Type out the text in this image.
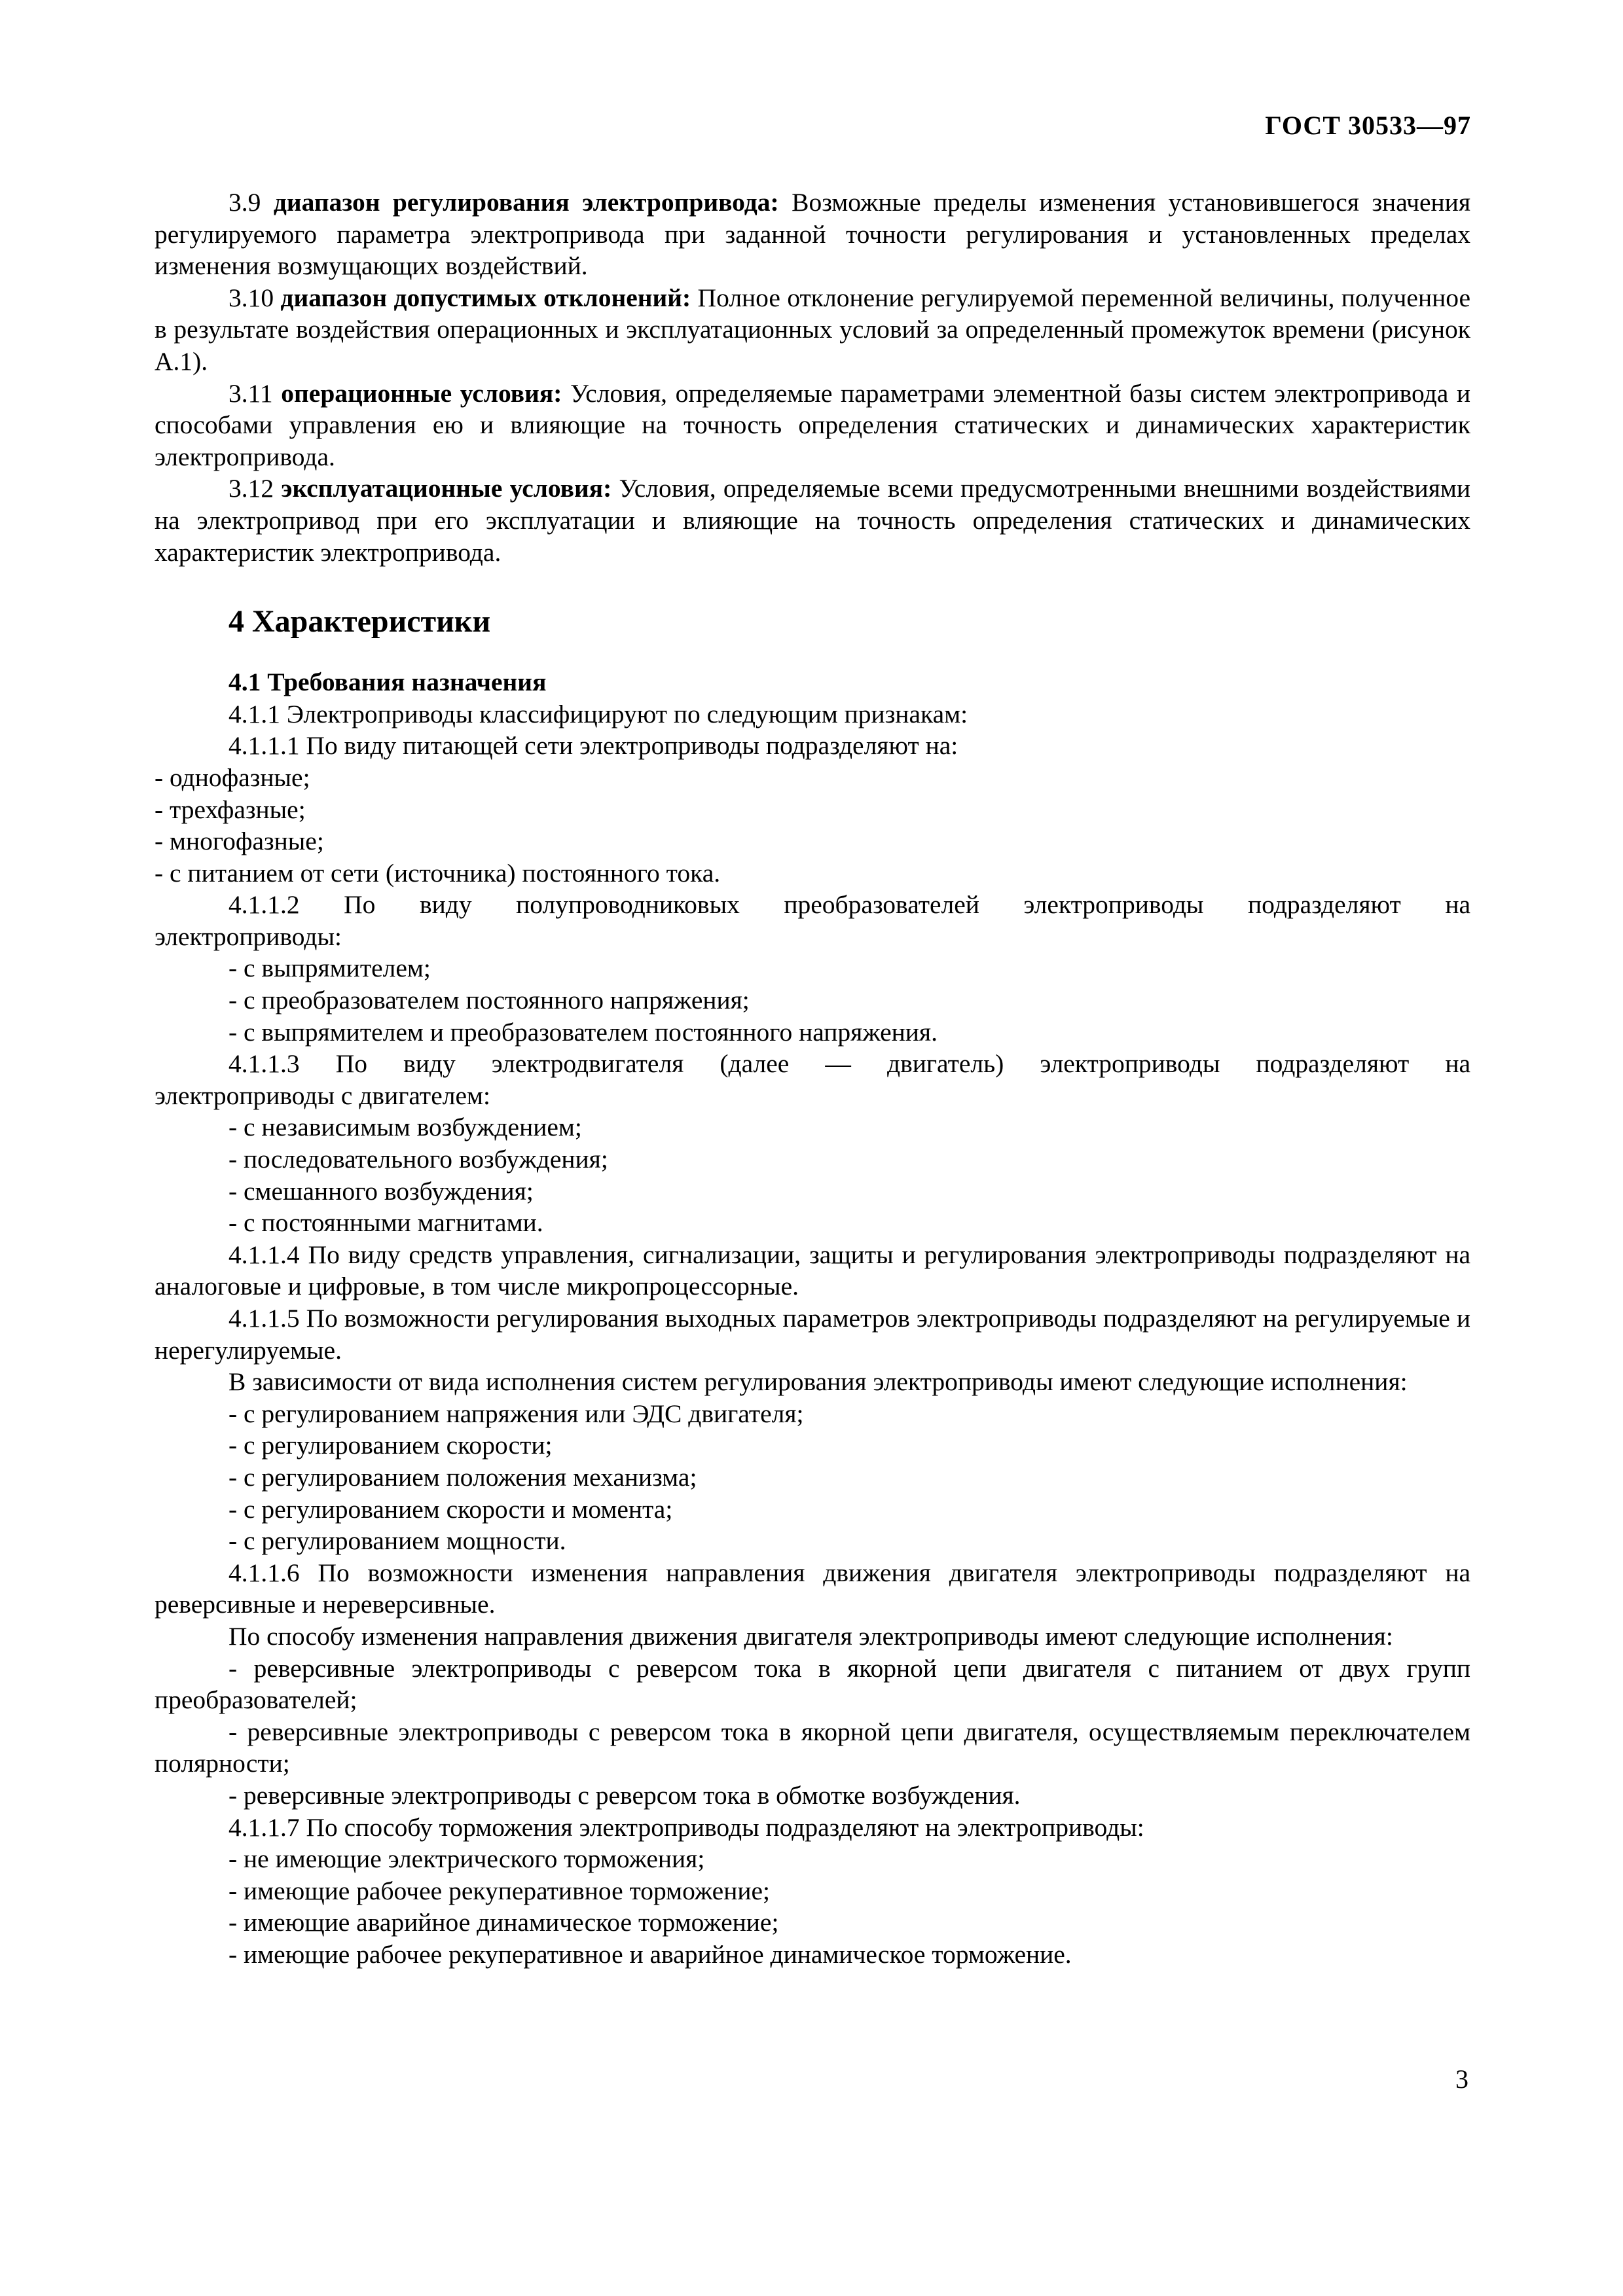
ГОСТ 30533—97

3.9 диапазон регулирования электропривода: Возможные пределы изменения установившегося значения регулируемого параметра электропривода при заданной точности регулирования и установленных пределах изменения возмущающих воздействий.

3.10 диапазон допустимых отклонений: Полное отклонение регулируемой переменной величины, полученное в результате воздействия операционных и эксплуатационных условий за определенный промежуток времени (рисунок А.1).

3.11 операционные условия: Условия, определяемые параметрами элементной базы систем электропривода и способами управления ею и влияющие на точность определения статических и динамических характеристик электропривода.

3.12 эксплуатационные условия: Условия, определяемые всеми предусмотренными внешними воздействиями на электропривод при его эксплуатации и влияющие на точность определения статических и динамических характеристик электропривода.

4 Характеристики

4.1 Требования назначения

4.1.1 Электроприводы классифицируют по следующим признакам:

4.1.1.1 По виду питающей сети электроприводы подразделяют на:

- однофазные;

- трехфазные;

- многофазные;

- с питанием от сети (источника) постоянного тока.

4.1.1.2 По виду полупроводниковых преобразователей электроприводы подразделяют на

электроприводы:

- с выпрямителем;

- с преобразователем постоянного напряжения;

- с выпрямителем и преобразователем постоянного напряжения.

4.1.1.3 По виду электродвигателя (далее — двигатель) электроприводы подразделяют на

электроприводы с двигателем:

- с независимым возбуждением;

- последовательного возбуждения;

- смешанного возбуждения;

- с постоянными магнитами.

4.1.1.4 По виду средств управления, сигнализации, защиты и регулирования электроприводы подразделяют на аналоговые и цифровые, в том числе микропроцессорные.

4.1.1.5 По возможности регулирования выходных параметров электроприводы подразделяют на регулируемые и нерегулируемые.

В зависимости от вида исполнения систем регулирования электроприводы имеют следующие исполнения:

- с регулированием напряжения или ЭДС двигателя;

- с регулированием скорости;

- с регулированием положения механизма;

- с регулированием скорости и момента;

- с регулированием мощности.

4.1.1.6 По возможности изменения направления движения двигателя электроприводы подразделяют на реверсивные и нереверсивные.

По способу изменения направления движения двигателя электроприводы имеют следующие исполнения:

- реверсивные электроприводы с реверсом тока в якорной цепи двигателя с питанием от двух групп преобразователей;

- реверсивные электроприводы с реверсом тока в якорной цепи двигателя, осуществляемым переключателем полярности;

- реверсивные электроприводы с реверсом тока в обмотке возбуждения.

4.1.1.7 По способу торможения электроприводы подразделяют на электроприводы:

- не имеющие электрического торможения;

- имеющие рабочее рекуперативное торможение;

- имеющие аварийное динамическое торможение;

- имеющие рабочее рекуперативное и аварийное динамическое торможение.

3
